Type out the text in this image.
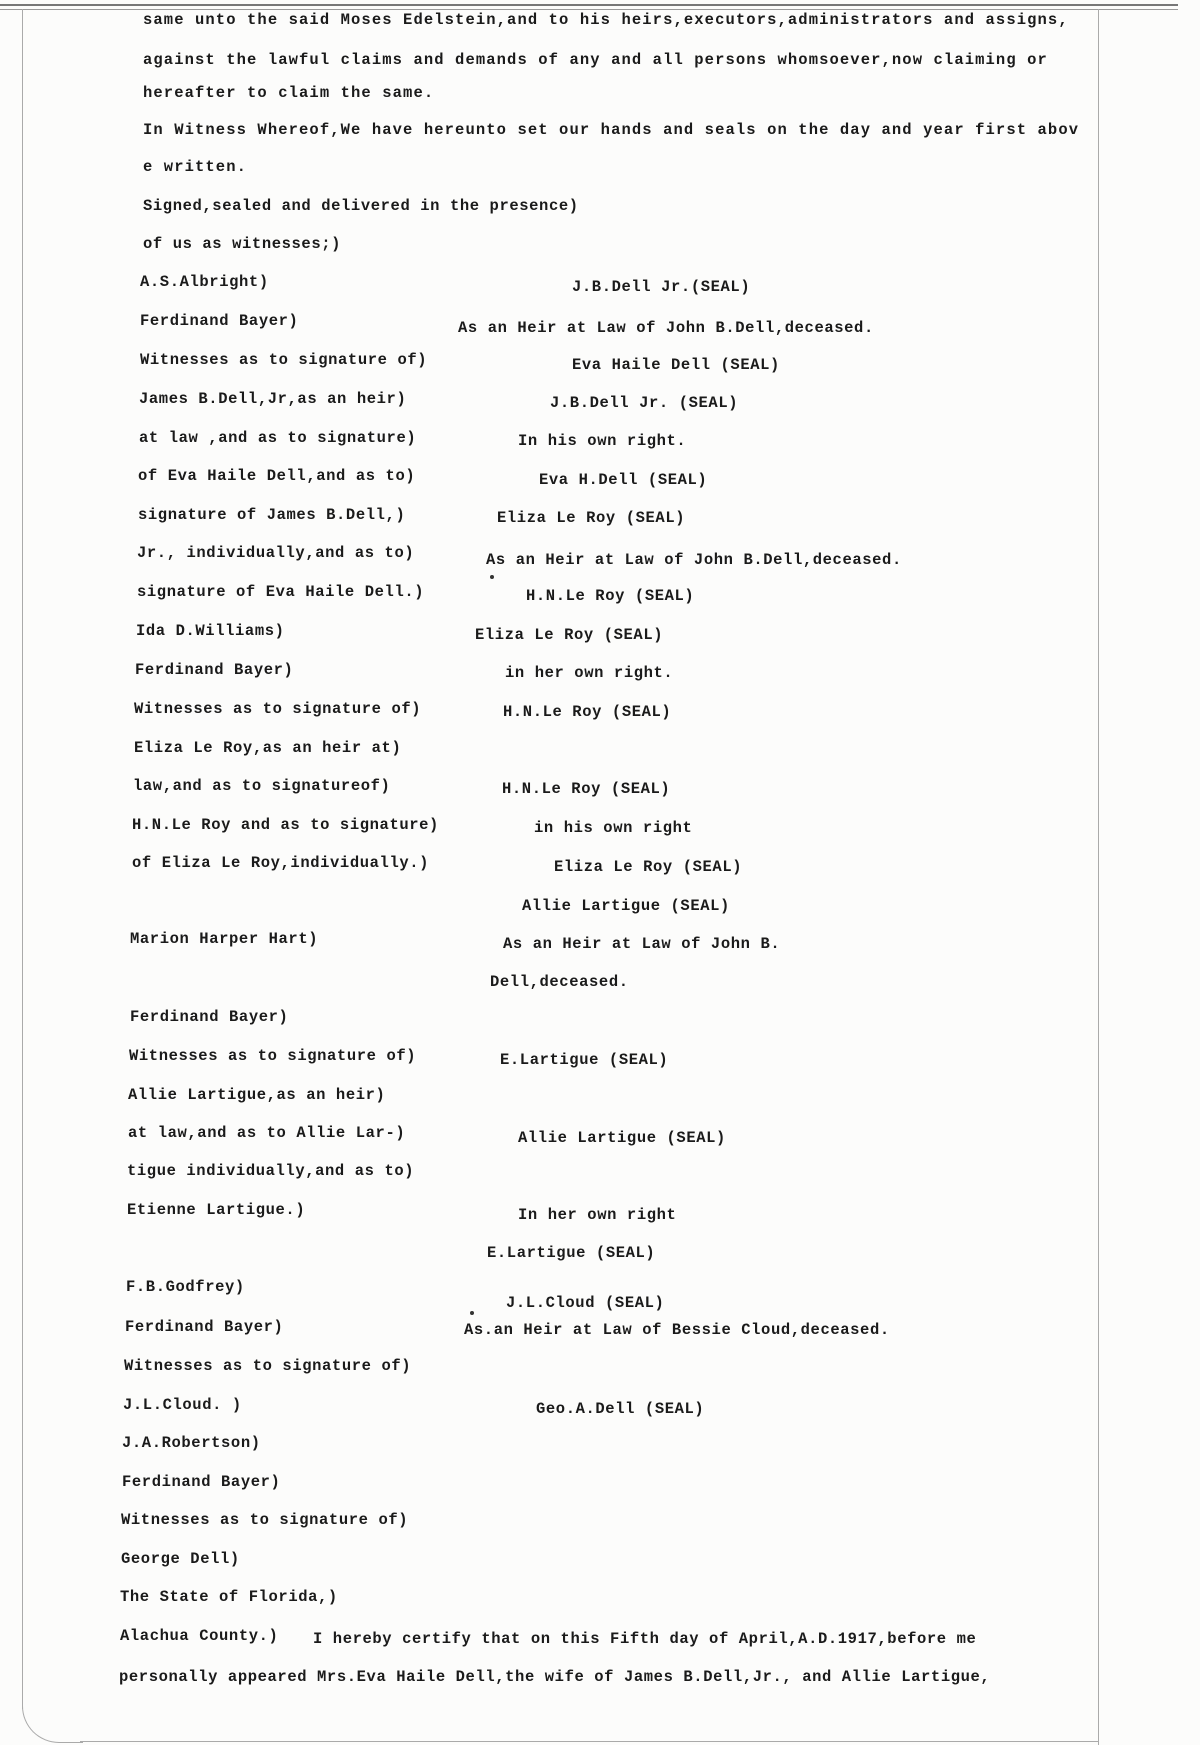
same unto the said Moses Edelstein,and to his heirs,executors,administrators and assigns,
against the lawful claims and demands of any and all persons whomsoever,now claiming or
hereafter to claim the same.
In Witness Whereof,We have hereunto set our hands and seals on the day and year first abov
e written.
Signed,sealed and delivered in the presence)
of us as witnesses;)
A.S.Albright)
Ferdinand Bayer)
Witnesses as to signature of)
James B.Dell,Jr,as an heir)
at law ,and as to signature)
of Eva Haile Dell,and as to)
signature of James B.Dell,)
Jr., individually,and as to)
signature of Eva Haile Dell.)
Ida D.Williams)
Ferdinand Bayer)
Witnesses as to signature of)
Eliza Le Roy,as an heir at)
law,and as to signatureof)
H.N.Le Roy and as to signature)
of Eliza Le Roy,individually.)
Marion Harper Hart)
Ferdinand Bayer)
Witnesses as to signature of)
Allie Lartigue,as an heir)
at law,and as to Allie Lar-)
tigue individually,and as to)
Etienne Lartigue.)
F.B.Godfrey)
Ferdinand Bayer)
Witnesses as to signature of)
J.L.Cloud. )
J.A.Robertson)
Ferdinand Bayer)
Witnesses as to signature of)
George Dell)
The State of Florida,)
J.B.Dell Jr.(SEAL)
As an Heir at Law of John B.Dell,deceased.
Eva Haile Dell (SEAL)
J.B.Dell Jr. (SEAL)
In his own right.
Eva H.Dell (SEAL)
Eliza Le Roy (SEAL)
As an Heir at Law of John B.Dell,deceased.
H.N.Le Roy (SEAL)
Eliza Le Roy (SEAL)
in her own right.
H.N.Le Roy (SEAL)
H.N.Le Roy (SEAL)
in his own right
Eliza Le Roy (SEAL)
Allie Lartigue (SEAL)
As an Heir at Law of John B.
Dell,deceased.
E.Lartigue (SEAL)
Allie Lartigue (SEAL)
In her own right
E.Lartigue (SEAL)
J.L.Cloud (SEAL)
As.an Heir at Law of Bessie Cloud,deceased.
Geo.A.Dell (SEAL)
Alachua County.) I hereby certify that on this Fifth day of April,A.D.1917,before me
personally appeared Mrs.Eva Haile Dell,the wife of James B.Dell,Jr., and Allie Lartigue,
